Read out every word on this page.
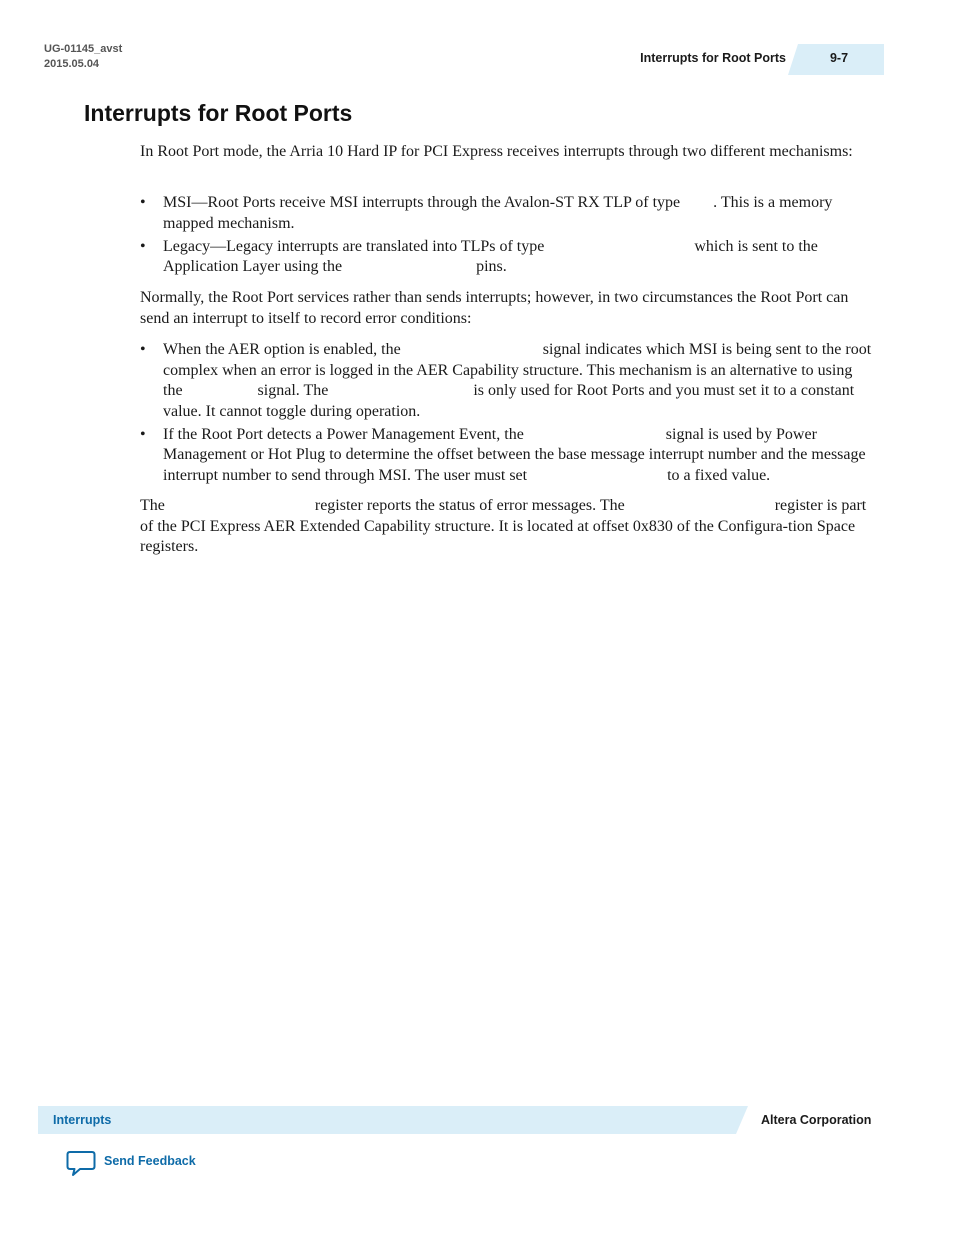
UG-01145_avst
2015.05.04	Interrupts for Root Ports	9-7
Interrupts for Root Ports

In Root Port mode, the Arria 10 Hard IP for PCI Express receives interrupts through two different mechanisms:

• MSI—Root Ports receive MSI interrupts through the Avalon-ST RX TLP of type . This is a memory mapped mechanism.
• Legacy—Legacy interrupts are translated into TLPs of type	which is sent to the Application Layer using the	pins.

Normally, the Root Port services rather than sends interrupts; however, in two circumstances the Root Port can send an interrupt to itself to record error conditions:

• When the AER option is enabled, the	signal indicates which MSI is being sent to the root complex when an error is logged in the AER Capability structure. This mechanism is an alternative to using the	signal. The	is only used for Root Ports and you must set it to a constant value. It cannot toggle during operation.
• If the Root Port detects a Power Management Event, the	signal is used by Power Management or Hot Plug to determine the offset between the base message interrupt number and the message interrupt number to send through MSI. The user must set	to a fixed value.

The	register reports the status of error messages. The	register is part of the PCI Express AER Extended Capability structure. It is located at offset 0x830 of the Configura-tion Space registers.

Interrupts	Altera Corporation
Send Feedback
